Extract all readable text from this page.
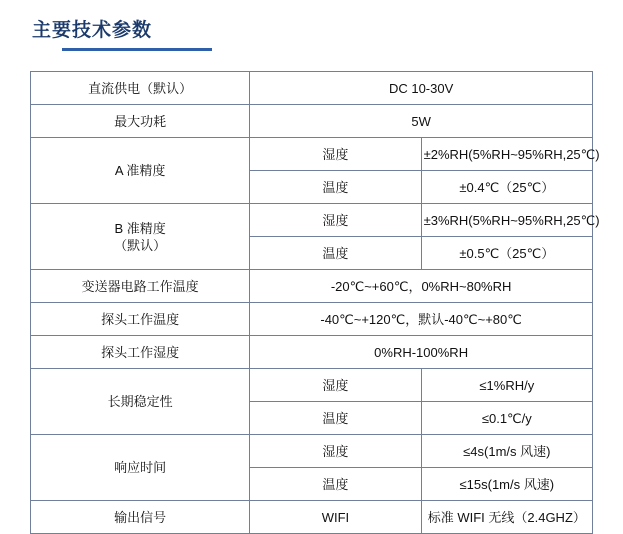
主要技术参数
直流供电（默认）	DC 10-30V	
最大功耗	5W	
A 准精度	湿度	±2%RH(5%RH~95%RH,25℃)
	温度	±0.4℃（25℃）
B 准精度
（默认）	湿度	±3%RH(5%RH~95%RH,25℃)
	温度	±0.5℃（25℃）
变送器电路工作温度	-20℃~+60℃，0%RH~80%RH	
探头工作温度	-40℃~+120℃，默认-40℃~+80℃	
探头工作湿度	0%RH-100%RH	
长期稳定性	湿度	≤1%RH/y
	温度	≤0.1℃/y
响应时间	湿度	≤4s(1m/s 风速)
	温度	≤15s(1m/s 风速)
输出信号	WIFI	标准 WIFI 无线（2.4GHZ）
